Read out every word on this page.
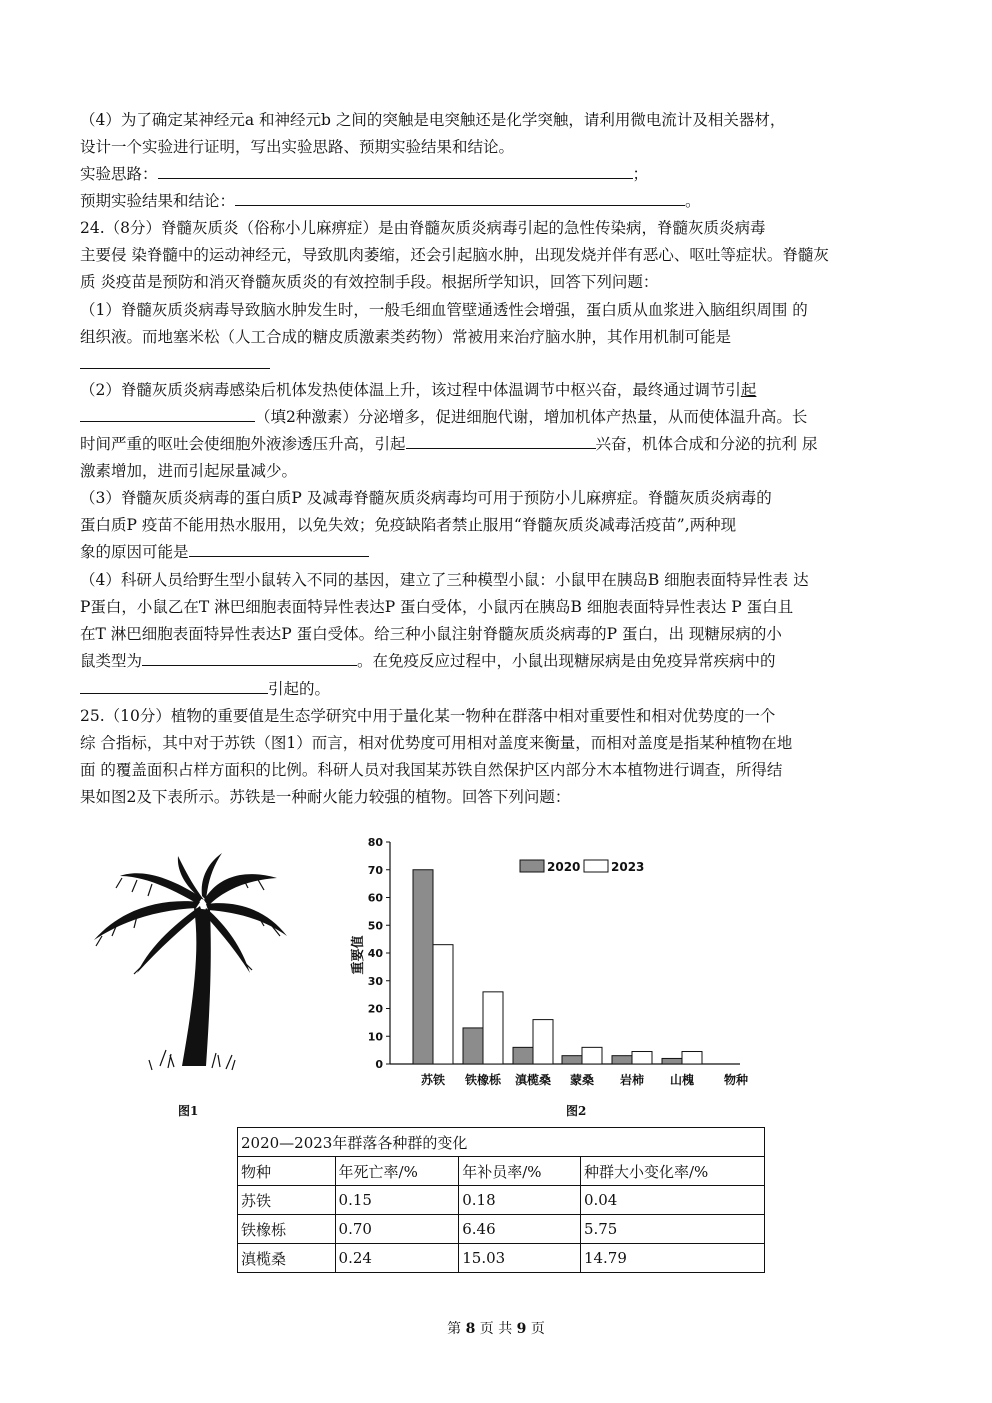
（4）为了确定某神经元a 和神经元b 之间的突触是电突触还是化学突触，请利用微电流计及相关器材，
设计一个实验进行证明，写出实验思路、预期实验结果和结论。
实验思路：	；
预期实验结果和结论：	。
24.（8分）脊髓灰质炎（俗称小儿麻痹症）是由脊髓灰质炎病毒引起的急性传染病，脊髓灰质炎病毒
主要侵 染脊髓中的运动神经元，导致肌肉萎缩，还会引起脑水肿，出现发烧并伴有恶心、呕吐等症状。脊髓灰
质 炎疫苗是预防和消灭脊髓灰质炎的有效控制手段。根据所学知识，回答下列问题：
（1）脊髓灰质炎病毒导致脑水肿发生时，一般毛细血管壁通透性会增强，蛋白质从血浆进入脑组织周围 的
组织液。而地塞米松（人工合成的糖皮质激素类药物）常被用来治疗脑水肿，其作用机制可能是
（2）脊髓灰质炎病毒感染后机体发热使体温上升，该过程中体温调节中枢兴奋，最终通过调节引起
（填2种激素）分泌增多，促进细胞代谢，增加机体产热量，从而使体温升高。长
时间严重的呕吐会使细胞外液渗透压升高，引起	兴奋，机体合成和分泌的抗利 尿
激素增加，进而引起尿量减少。
（3）脊髓灰质炎病毒的蛋白质P 及减毒脊髓灰质炎病毒均可用于预防小儿麻痹症。脊髓灰质炎病毒的
蛋白质P 疫苗不能用热水服用，以免失效；免疫缺陷者禁止服用“脊髓灰质炎减毒活疫苗”,两种现
象的原因可能是
（4）科研人员给野生型小鼠转入不同的基因，建立了三种模型小鼠：小鼠甲在胰岛B 细胞表面特异性表 达
P蛋白，小鼠乙在T 淋巴细胞表面特异性表达P 蛋白受体，小鼠丙在胰岛B 细胞表面特异性表达 P 蛋白且
在T 淋巴细胞表面特异性表达P 蛋白受体。给三种小鼠注射脊髓灰质炎病毒的P 蛋白，出 现糖尿病的小
鼠类型为	。在免疫反应过程中，小鼠出现糖尿病是由免疫异常疾病中的
引起的。
25.（10分）植物的重要值是生态学研究中用于量化某一物种在群落中相对重要性和相对优势度的一个
综 合指标，其中对于苏铁（图1）而言，相对优势度可用相对盖度来衡量，而相对盖度是指某种植物在地
面 的覆盖面积占样方面积的比例。科研人员对我国某苏铁自然保护区内部分木本植物进行调查，所得结
果如图2及下表所示。苏铁是一种耐火能力较强的植物。回答下列问题：
图1
0
10
20
30
40
50
60
70
80
重要值
苏铁 铁橡栎 滇榄桑 蒙桑 岩柿 山槐 物种
2020	2023
图2
2020—2023年群落各种群的变化			
物种	年死亡率/%	年补员率/%	种群大小变化率/%
苏铁	0.15	0.18	0.04
铁橡栎	0.70	6.46	5.75
滇榄桑	0.24	15.03	14.79
第 8 页 共 9 页
